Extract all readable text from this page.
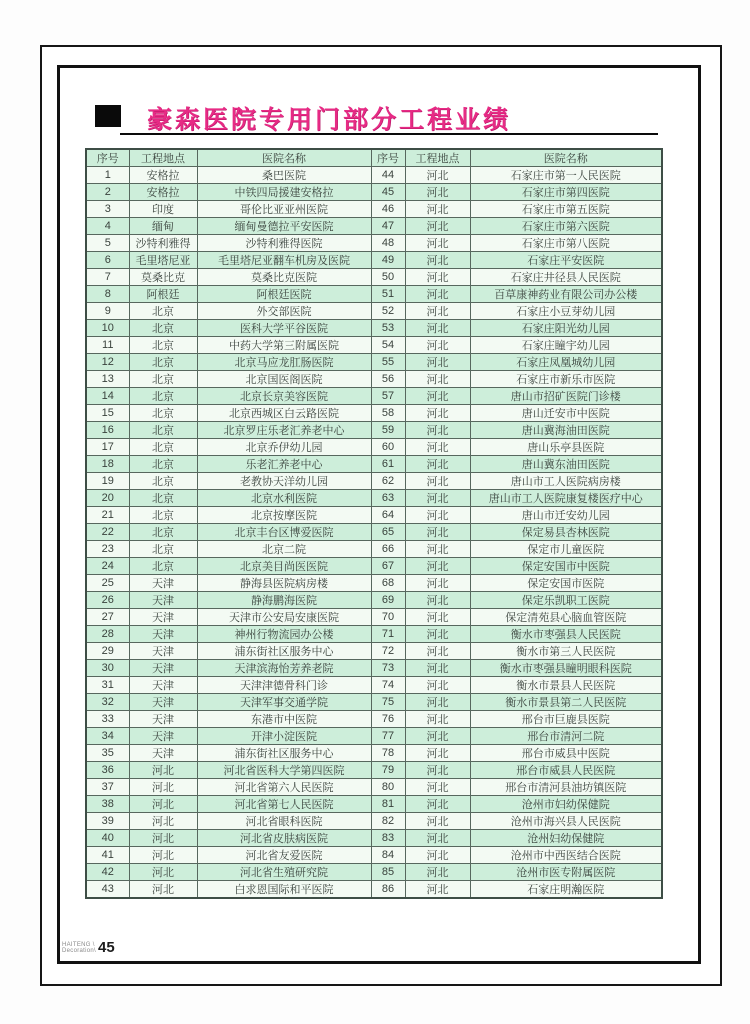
豪森医院专用门部分工程业绩
序号	工程地点	医院名称	序号	工程地点	医院名称
1	安格拉	桑巴医院	44	河北	石家庄市第一人民医院
2	安格拉	中铁四局援建安格拉	45	河北	石家庄市第四医院
3	印度	哥伦比亚亚州医院	46	河北	石家庄市第五医院
4	缅甸	缅甸曼德拉平安医院	47	河北	石家庄市第六医院
5	沙特利雅得	沙特利雅得医院	48	河北	石家庄市第八医院
6	毛里塔尼亚	毛里塔尼亚翻车机房及医院	49	河北	石家庄平安医院
7	莫桑比克	莫桑比克医院	50	河北	石家庄井径县人民医院
8	阿根廷	阿根廷医院	51	河北	百草康神药业有限公司办公楼
9	北京	外交部医院	52	河北	石家庄小豆芽幼儿园
10	北京	医科大学平谷医院	53	河北	石家庄阳光幼儿园
11	北京	中药大学第三附属医院	54	河北	石家庄瞳宇幼儿园
12	北京	北京马应龙肛肠医院	55	河北	石家庄凤凰城幼儿园
13	北京	北京国医阁医院	56	河北	石家庄市新乐市医院
14	北京	北京长京美容医院	57	河北	唐山市招矿医院门诊楼
15	北京	北京西城区白云路医院	58	河北	唐山迁安市中医院
16	北京	北京罗庄乐老汇养老中心	59	河北	唐山冀海油田医院
17	北京	北京乔伊幼儿园	60	河北	唐山乐亭县医院
18	北京	乐老汇养老中心	61	河北	唐山冀东油田医院
19	北京	老教协天洋幼儿园	62	河北	唐山市工人医院病房楼
20	北京	北京水利医院	63	河北	唐山市工人医院康复楼医疗中心
21	北京	北京按摩医院	64	河北	唐山市迁安幼儿园
22	北京	北京丰台区博爱医院	65	河北	保定易县杏林医院
23	北京	北京二院	66	河北	保定市儿童医院
24	北京	北京美目尚医医院	67	河北	保定安国市中医院
25	天津	静海县医院病房楼	68	河北	保定安国市医院
26	天津	静海鹏海医院	69	河北	保定乐凯职工医院
27	天津	天津市公安局安康医院	70	河北	保定清苑县心脑血管医院
28	天津	神州行物流园办公楼	71	河北	衡水市枣强县人民医院
29	天津	浦东街社区服务中心	72	河北	衡水市第三人民医院
30	天津	天津滨海怡芳养老院	73	河北	衡水市枣强县瞳明眼科医院
31	天津	天津津德骨科门诊	74	河北	衡水市景县人民医院
32	天津	天津军事交通学院	75	河北	衡水市景县第二人民医院
33	天津	东港市中医院	76	河北	邢台市巨鹿县医院
34	天津	开津小淀医院	77	河北	邢台市清河二院
35	天津	浦东街社区服务中心	78	河北	邢台市威县中医院
36	河北	河北省医科大学第四医院	79	河北	邢台市威县人民医院
37	河北	河北省第六人民医院	80	河北	邢台市清河县油坊镇医院
38	河北	河北省第七人民医院	81	河北	沧州市妇幼保健院
39	河北	河北省眼科医院	82	河北	沧州市海兴县人民医院
40	河北	河北省皮肤病医院	83	河北	沧州妇幼保健院
41	河北	河北省友爱医院	84	河北	沧州市中西医结合医院
42	河北	河北省生殖研究院	85	河北	沧州市医专附属医院
43	河北	白求恩国际和平医院	86	河北	石家庄明瀚医院
HAITENG \
Decoration\ 45
